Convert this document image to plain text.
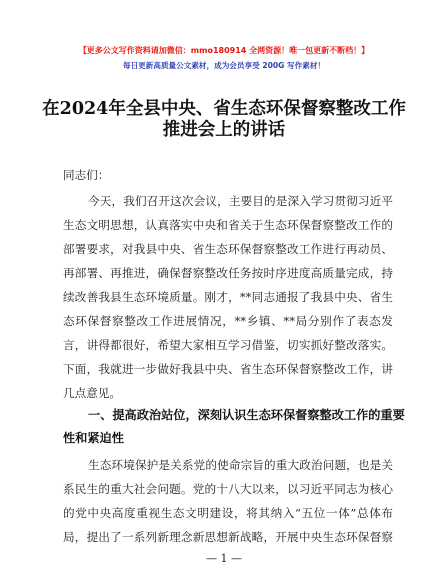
【更多公文写作资料请加微信：mmo180914 全网资源！唯一包更新不断档！】
每日更新高质量公文素材，成为会员享受 200G 写作素材！
在2024年全县中央、省生态环保督察整改工作
推进会上的讲话
同志们：
今天，我们召开这次会议，主要目的是深入学习贯彻习近平
生态文明思想，认真落实中央和省关于生态环保督察整改工作的
部署要求，对我县中央、省生态环保督察整改工作进行再动员、
再部署、再推进，确保督察整改任务按时序进度高质量完成，持
续改善我县生态环境质量。刚才，**同志通报了我县中央、省生
态环保督察整改工作进展情况，**乡镇、**局分别作了表态发
言，讲得都很好，希望大家相互学习借鉴，切实抓好整改落实。
下面，我就进一步做好我县中央、省生态环保督察整改工作，讲
几点意见。
一、提高政治站位，深刻认识生态环保督察整改工作的重要
性和紧迫性
生态环境保护是关系党的使命宗旨的重大政治问题，也是关
系民生的重大社会问题。党的十八大以来，以习近平同志为核心
的党中央高度重视生态文明建设，将其纳入“五位一体”总体布
局，提出了一系列新理念新思想新战略，开展中央生态环保督察
— 1 —
